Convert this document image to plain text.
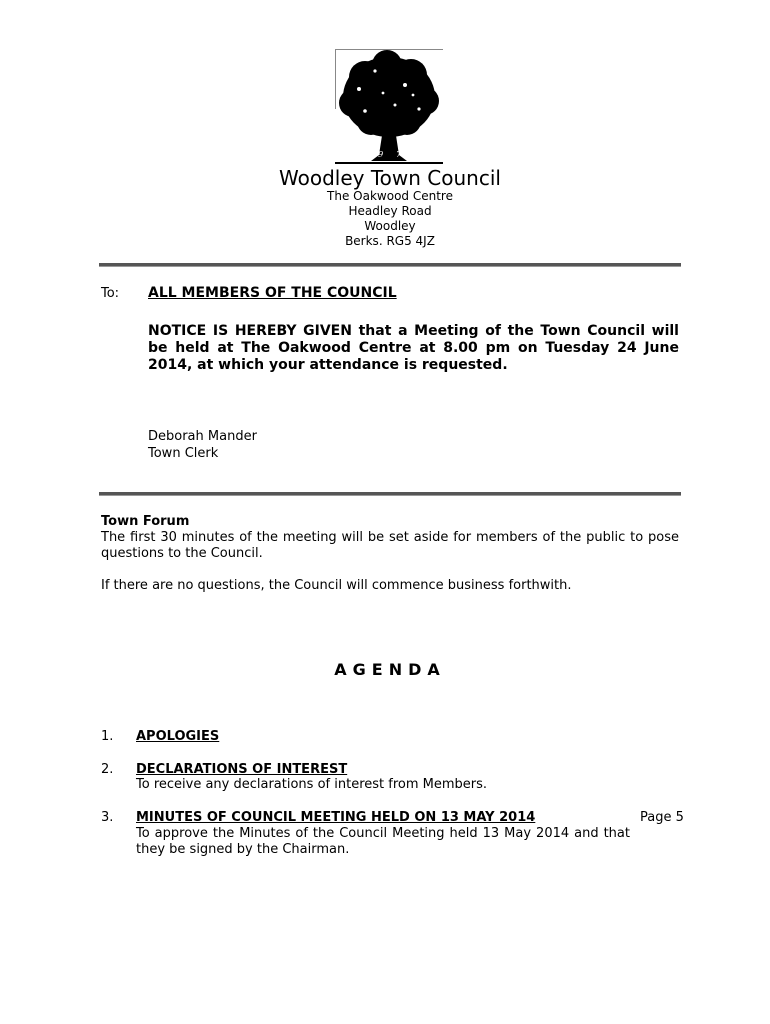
19 74
Woodley Town Council
The Oakwood Centre
Headley Road
Woodley
Berks. RG5 4JZ
To: ALL MEMBERS OF THE COUNCIL
NOTICE IS HEREBY GIVEN that a Meeting of the Town Council will be held at The Oakwood Centre at 8.00 pm on Tuesday 24 June 2014, at which your attendance is requested.
Deborah Mander
Town Clerk
Town Forum
The first 30 minutes of the meeting will be set aside for members of the public to pose questions to the Council.
If there are no questions, the Council will commence business forthwith.
AGENDA
1. APOLOGIES
2. DECLARATIONS OF INTEREST
To receive any declarations of interest from Members.
3. MINUTES OF COUNCIL MEETING HELD ON 13 MAY 2014	Page 5
To approve the Minutes of the Council Meeting held 13 May 2014 and that they be signed by the Chairman.
